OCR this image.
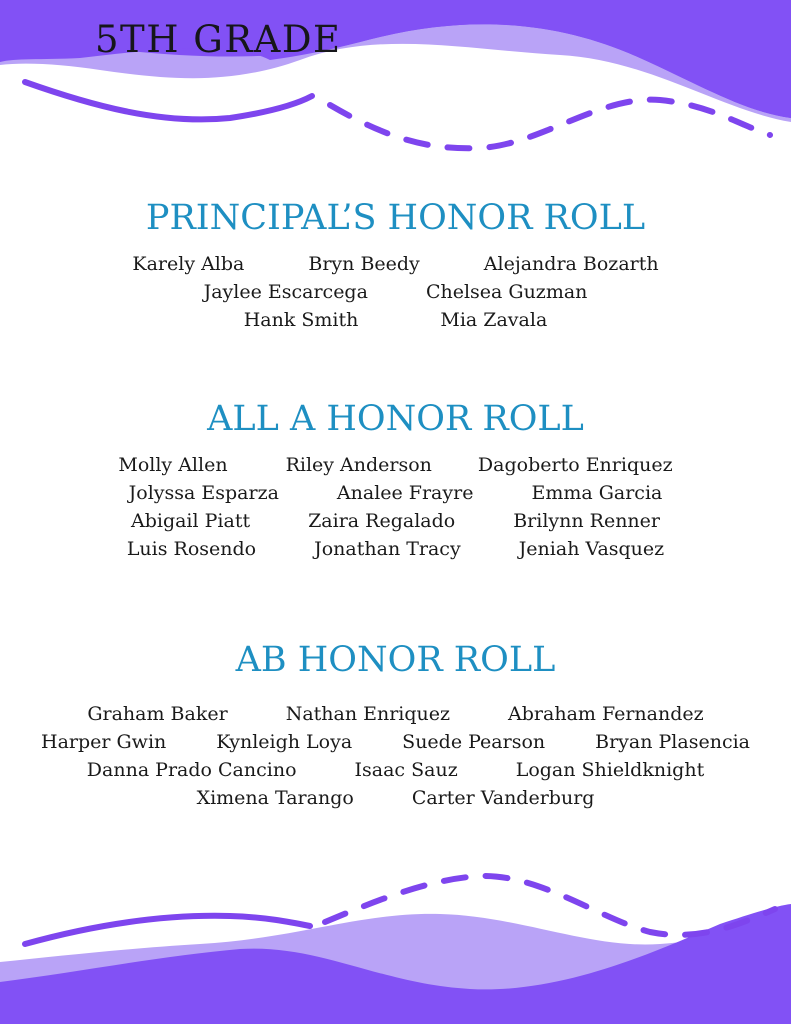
5TH GRADE
PRINCIPAL’S HONOR ROLL
Karely Alba	Bryn Beedy	Alejandra Bozarth
Jaylee Escarcega	Chelsea Guzman
Hank Smith	Mia Zavala
ALL A HONOR ROLL
Molly Allen	Riley Anderson Dagoberto Enriquez
Jolyssa Esparza	Analee Frayre	Emma Garcia
Abigail Piatt	Zaira Regalado	Brilynn Renner
Luis Rosendo	Jonathan Tracy	Jeniah Vasquez
AB HONOR ROLL
Graham Baker	Nathan Enriquez	Abraham Fernandez
Harper Gwin	Kynleigh Loya	Suede Pearson	Bryan Plasencia
Danna Prado Cancino	Isaac Sauz	Logan Shieldknight
Ximena Tarango	Carter Vanderburg
